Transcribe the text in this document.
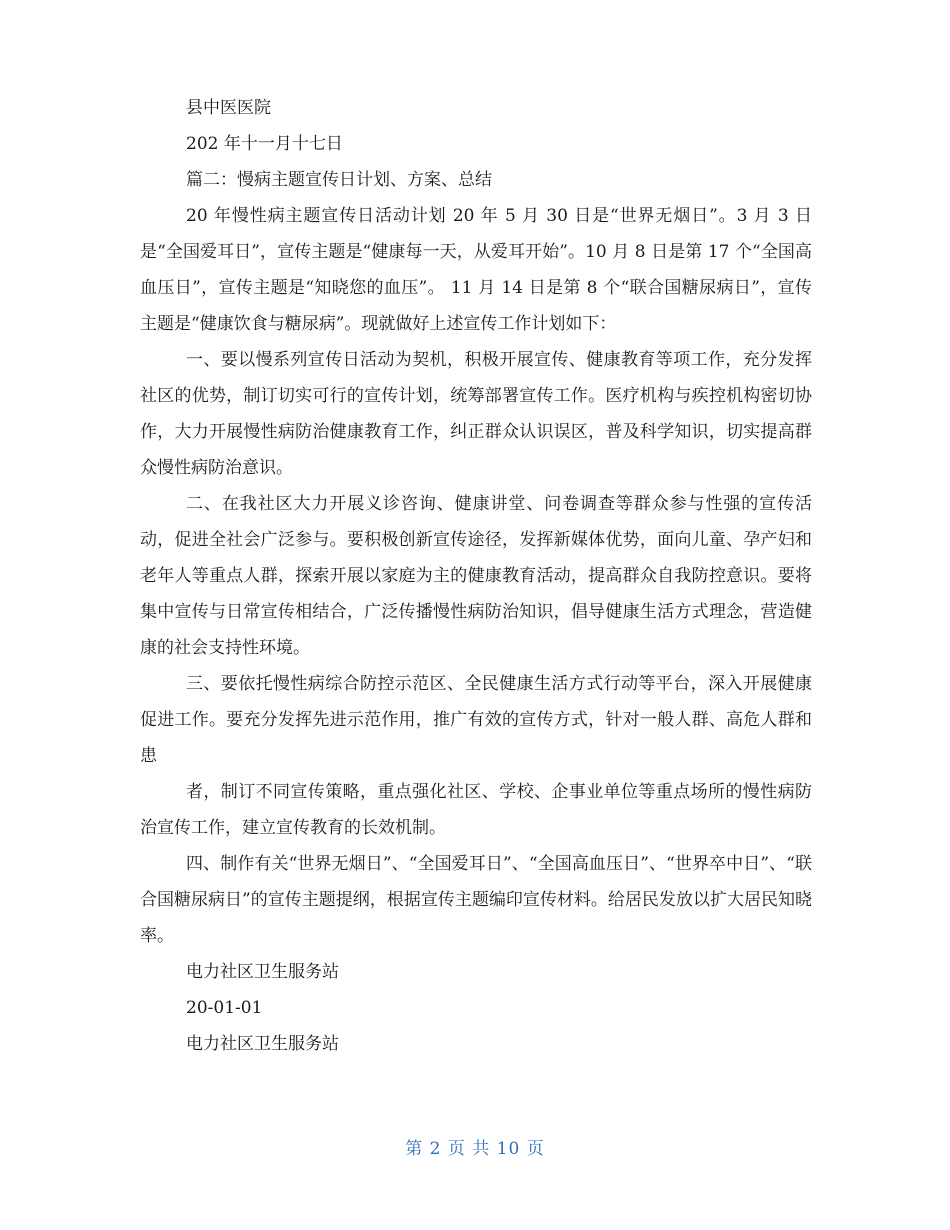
县中医医院
202 年十一月十七日
篇二：慢病主题宣传日计划、方案、总结

20 年慢性病主题宣传日活动计划 20 年 5 月 30 日是“世界无烟日”。3 月 3 日是“全国爱耳日”，宣传主题是“健康每一天，从爱耳开始”。10 月 8 日是第 17 个“全国高血压日”，宣传主题是“知晓您的血压”。 11 月 14 日是第 8 个“联合国糖尿病日”，宣传主题是“健康饮食与糖尿病”。现就做好上述宣传工作计划如下：

一、要以慢系列宣传日活动为契机，积极开展宣传、健康教育等项工作，充分发挥社区的优势，制订切实可行的宣传计划，统筹部署宣传工作。医疗机构与疾控机构密切协作，大力开展慢性病防治健康教育工作，纠正群众认识误区，普及科学知识，切实提高群众慢性病防治意识。

二、在我社区大力开展义诊咨询、健康讲堂、问卷调查等群众参与性强的宣传活动，促进全社会广泛参与。要积极创新宣传途径，发挥新媒体优势，面向儿童、孕产妇和老年人等重点人群，探索开展以家庭为主的健康教育活动，提高群众自我防控意识。要将集中宣传与日常宣传相结合，广泛传播慢性病防治知识，倡导健康生活方式理念，营造健康的社会支持性环境。

三、要依托慢性病综合防控示范区、全民健康生活方式行动等平台，深入开展健康促进工作。要充分发挥先进示范作用，推广有效的宣传方式，针对一般人群、高危人群和患

者，制订不同宣传策略，重点强化社区、学校、企事业单位等重点场所的慢性病防治宣传工作，建立宣传教育的长效机制。

四、制作有关“世界无烟日”、“全国爱耳日”、“全国高血压日”、“世界卒中日”、“联合国糖尿病日”的宣传主题提纲，根据宣传主题编印宣传材料。给居民发放以扩大居民知晓率。

电力社区卫生服务站
20-01-01
电力社区卫生服务站
第 2 页 共 10 页
